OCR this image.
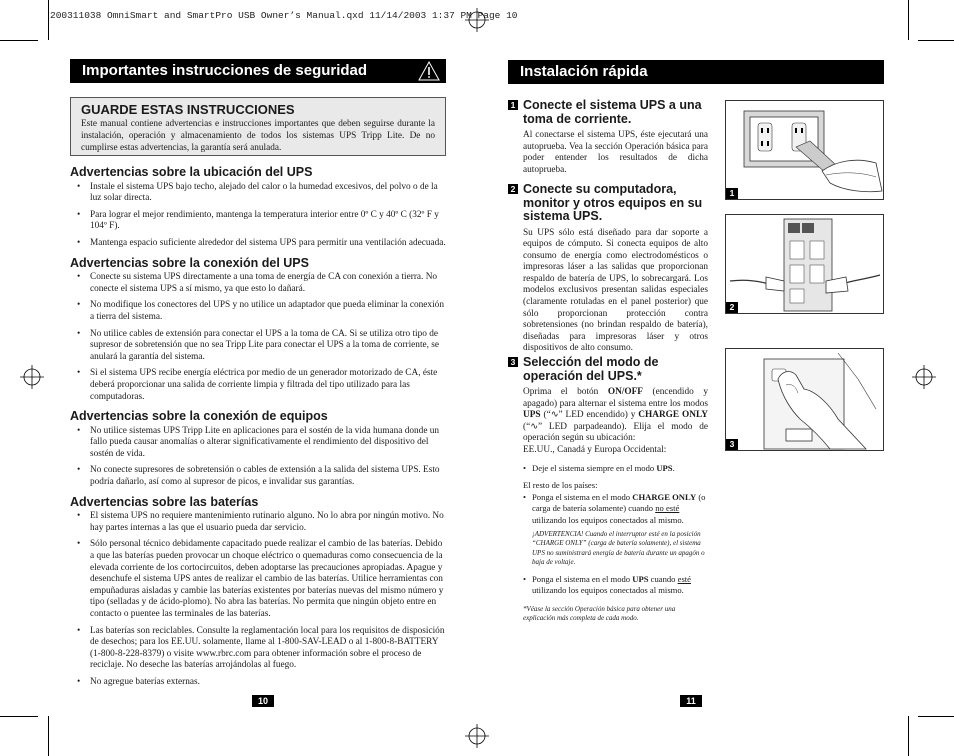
200311038 OmniSmart and SmartPro USB Owner’s Manual.qxd 11/14/2003 1:37 PM Page 10
Importantes instrucciones de seguridad
GUARDE ESTAS INSTRUCCIONES

Este manual contiene advertencias e instrucciones importantes que deben seguirse durante la instalación, operación y almacenamiento de todos los sistemas UPS Tripp Lite. De no cumplirse estas advertencias, la garantía será anulada.

Advertencias sobre la ubicación del UPS
• Instale el sistema UPS bajo techo, alejado del calor o la humedad excesivos, del polvo o de la luz solar directa.
• Para lograr el mejor rendimiento, mantenga la temperatura interior entre 0º C y 40º C (32º F y 104º F).
• Mantenga espacio suficiente alrededor del sistema UPS para permitir una ventilación adecuada.
Advertencias sobre la conexión del UPS
• Conecte su sistema UPS directamente a una toma de energía de CA con conexión a tierra. No conecte el sistema UPS a sí mismo, ya que esto lo dañará.
• No modifique los conectores del UPS y no utilice un adaptador que pueda eliminar la conexión a tierra del sistema.
• No utilice cables de extensión para conectar el UPS a la toma de CA. Si se utiliza otro tipo de supresor de sobretensión que no sea Tripp Lite para conectar el UPS a la toma de corriente, se anulará la garantía del sistema.
• Si el sistema UPS recibe energía eléctrica por medio de un generador motorizado de CA, éste deberá proporcionar una salida de corriente limpia y filtrada del tipo utilizado para las computadoras.
Advertencias sobre la conexión de equipos
• No utilice sistemas UPS Tripp Lite en aplicaciones para el sostén de la vida humana donde un fallo pueda causar anomalías o alterar significativamente el rendimiento del dispositivo del sostén de vida.
• No conecte supresores de sobretensión o cables de extensión a la salida del sistema UPS. Esto podría dañarlo, así como al supresor de picos, e invalidar sus garantías.
Advertencias sobre las baterías
• El sistema UPS no requiere mantenimiento rutinario alguno. No lo abra por ningún motivo. No hay partes internas a las que el usuario pueda dar servicio.
• Sólo personal técnico debidamente capacitado puede realizar el cambio de las baterías. Debido a que las baterías pueden provocar un choque eléctrico o quemaduras como consecuencia de la elevada corriente de los cortocircuitos, deben adoptarse las precauciones apropiadas. Apague y desenchufe el sistema UPS antes de realizar el cambio de las baterías. Utilice herramientas con empuñaduras aisladas y cambie las baterías existentes por baterías nuevas del mismo número y tipo (selladas y de ácido-plomo). No abra las baterías. No permita que ningún objeto entre en contacto o puentee las terminales de las baterías.
• Las baterías son reciclables. Consulte la reglamentación local para los requisitos de disposición de desechos; para los EE.UU. solamente, llame al 1-800-SAV-LEAD o al 1-800-8-BATTERY (1-800-8-228-8379) o visite www.rbrc.com para obtener información sobre el proceso de reciclaje. No deseche las baterías arrojándolas al fuego.
• No agregue baterías externas.
10
Instalación rápida
1 Conecte el sistema UPS a una toma de corriente.
Al conectarse el sistema UPS, éste ejecutará una autoprueba. Vea la sección Operación básica para poder entender los resultados de dicha autoprueba.
2 Conecte su computadora, monitor y otros equipos en su sistema UPS.
Su UPS sólo está diseñado para dar soporte a equipos de cómputo. Si conecta equipos de alto consumo de energía como electrodomésticos o impresoras láser a las salidas que proporcionan respaldo de batería de UPS, lo sobrecargará. Los modelos exclusivos presentan salidas especiales (claramente rotuladas en el panel posterior) que sólo proporcionan protección contra sobretensiones (no brindan respaldo de batería), diseñadas para impresoras láser y otros dispositivos de alto consumo.
3 Selección del modo de operación del UPS.*
Oprima el botón ON/OFF (encendido y apagado) para alternar el sistema entre los modos UPS (“∿” LED encendido) y CHARGE ONLY (“∿” LED parpadeando). Elija el modo de operación según su ubicación:
EE.UU., Canadá y Europa Occidental:
• Deje el sistema siempre en el modo UPS.
El resto de los países:
• Ponga el sistema en el modo CHARGE ONLY (o carga de batería solamente) cuando no esté utilizando los equipos conectados al mismo.
¡ADVERTENCIA! Cuando el interruptor esté en la posición “CHARGE ONLY” (carga de batería solamente), el sistema UPS no suministrará energía de batería durante un apagón o baja de voltaje.
• Ponga el sistema en el modo UPS cuando esté utilizando los equipos conectados al mismo.
*Véase la sección Operación básica para obtener una explicación más completa de cada modo.
1
2
3
11
